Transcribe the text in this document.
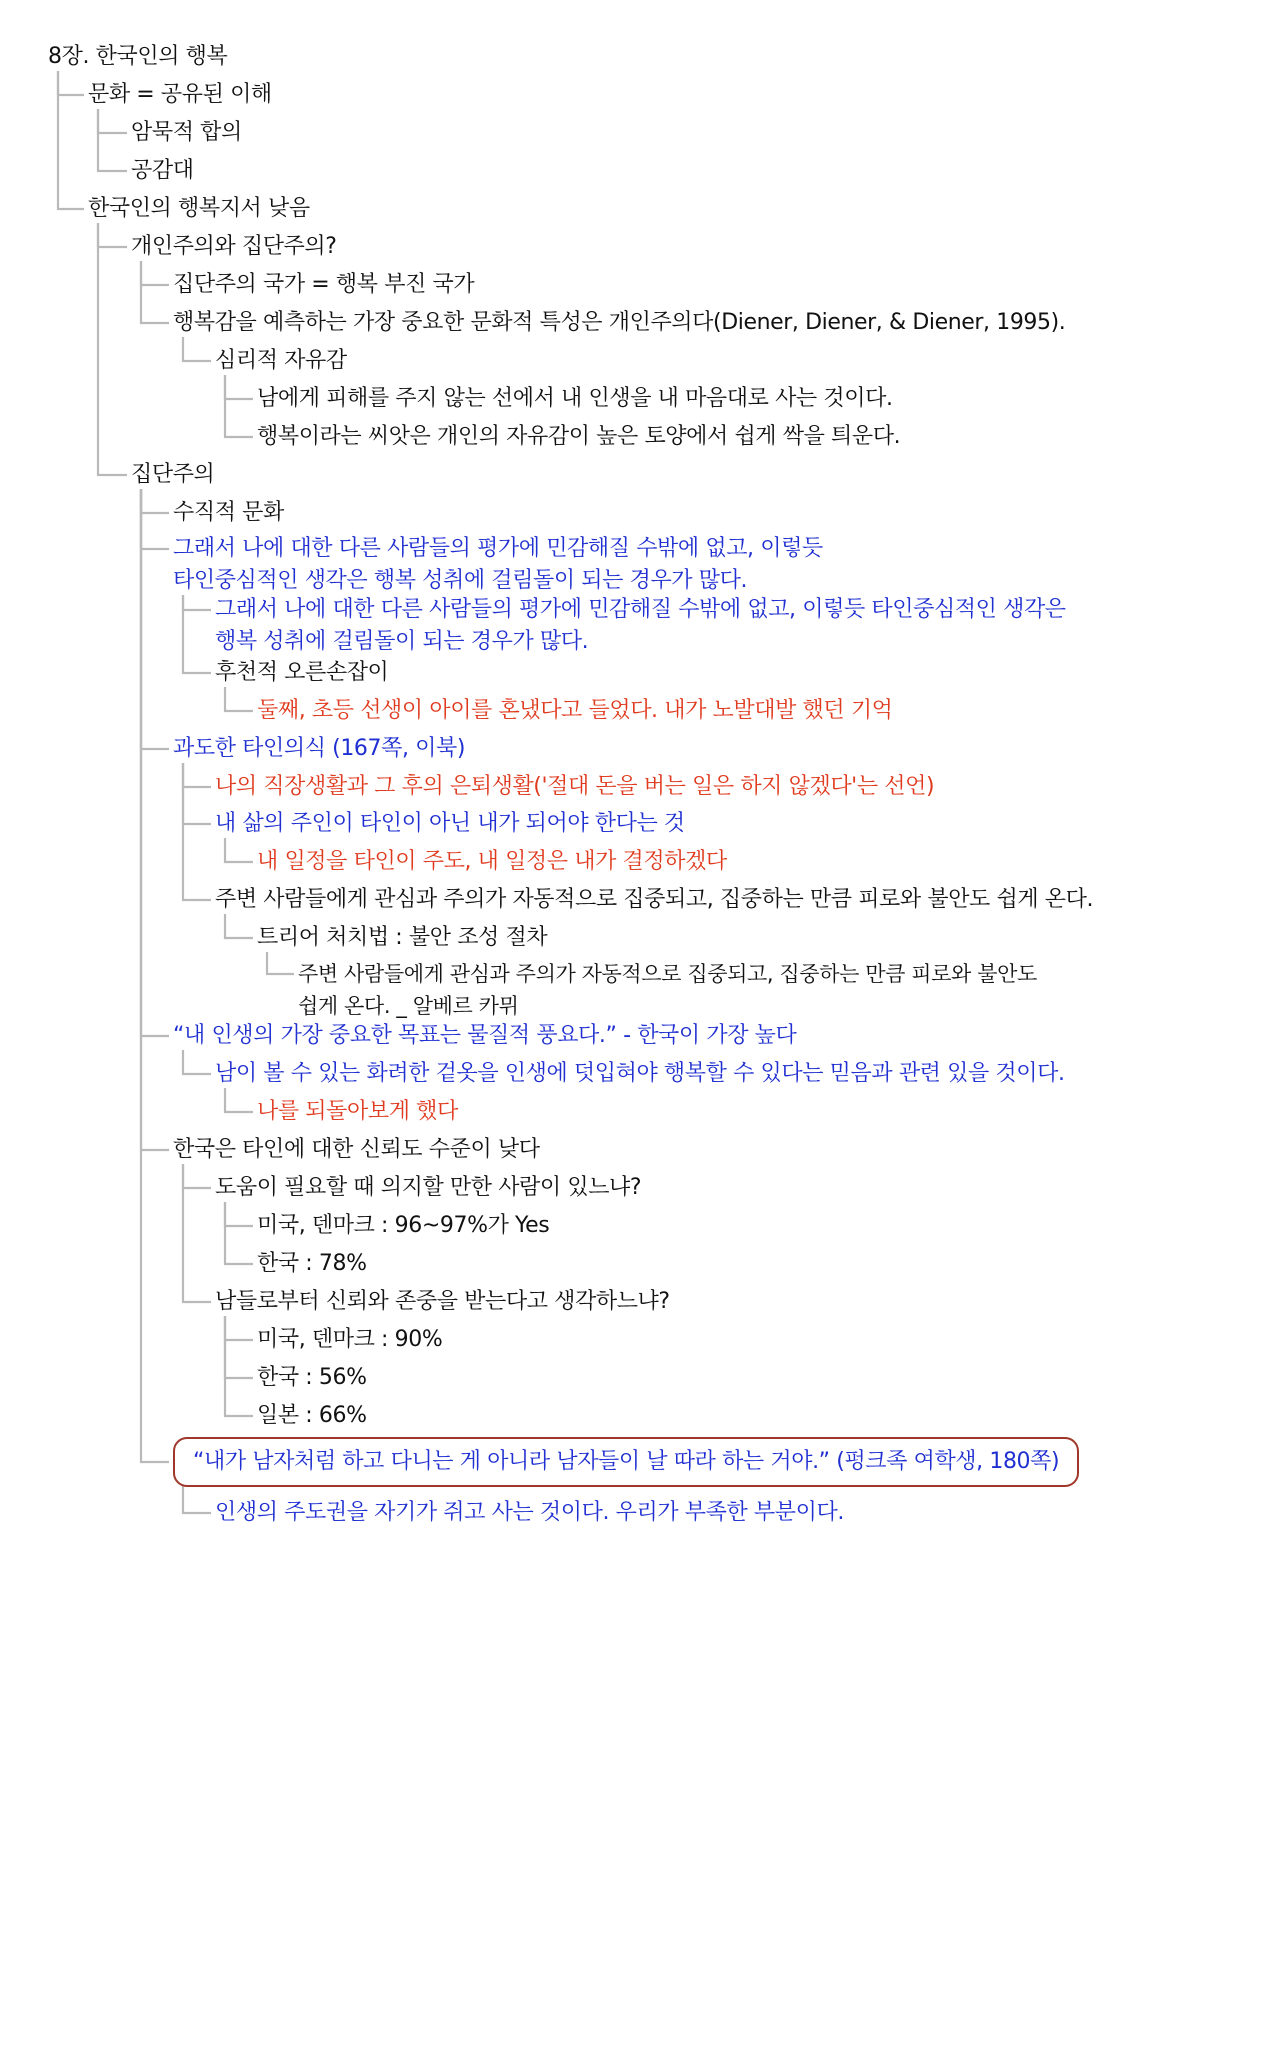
8장. 한국인의 행복
문화 = 공유된 이해
암묵적 합의
공감대
한국인의 행복지서 낮음
개인주의와 집단주의?
집단주의 국가 = 행복 부진 국가
행복감을 예측하는 가장 중요한 문화적 특성은 개인주의다(Diener, Diener, & Diener, 1995).
심리적 자유감
남에게 피해를 주지 않는 선에서 내 인생을 내 마음대로 사는 것이다.
행복이라는 씨앗은 개인의 자유감이 높은 토양에서 쉽게 싹을 틔운다.
집단주의
수직적 문화
그래서 나에 대한 다른 사람들의 평가에 민감해질 수밖에 없고, 이렇듯
타인중심적인 생각은 행복 성취에 걸림돌이 되는 경우가 많다.
그래서 나에 대한 다른 사람들의 평가에 민감해질 수밖에 없고, 이렇듯 타인중심적인 생각은
행복 성취에 걸림돌이 되는 경우가 많다.
후천적 오른손잡이
둘째, 초등 선생이 아이를 혼냈다고 들었다. 내가 노발대발 했던 기억
과도한 타인의식 (167쪽, 이북)
나의 직장생활과 그 후의 은퇴생활('절대 돈을 버는 일은 하지 않겠다'는 선언)
내 삶의 주인이 타인이 아닌 내가 되어야 한다는 것
내 일정을 타인이 주도, 내 일정은 내가 결정하겠다
주변 사람들에게 관심과 주의가 자동적으로 집중되고, 집중하는 만큼 피로와 불안도 쉽게 온다.
트리어 처치법 : 불안 조성 절차
주변 사람들에게 관심과 주의가 자동적으로 집중되고, 집중하는 만큼 피로와 불안도
쉽게 온다. _ 알베르 카뮈
“내 인생의 가장 중요한 목표는 물질적 풍요다.” - 한국이 가장 높다
남이 볼 수 있는 화려한 겉옷을 인생에 덧입혀야 행복할 수 있다는 믿음과 관련 있을 것이다.
나를 되돌아보게 했다
한국은 타인에 대한 신뢰도 수준이 낮다
도움이 필요할 때 의지할 만한 사람이 있느냐?
미국, 덴마크 : 96~97%가 Yes
한국 : 78%
남들로부터 신뢰와 존중을 받는다고 생각하느냐?
미국, 덴마크 : 90%
한국 : 56%
일본 : 66%
“내가 남자처럼 하고 다니는 게 아니라 남자들이 날 따라 하는 거야.” (펑크족 여학생, 180쪽)
인생의 주도권을 자기가 쥐고 사는 것이다. 우리가 부족한 부분이다.
